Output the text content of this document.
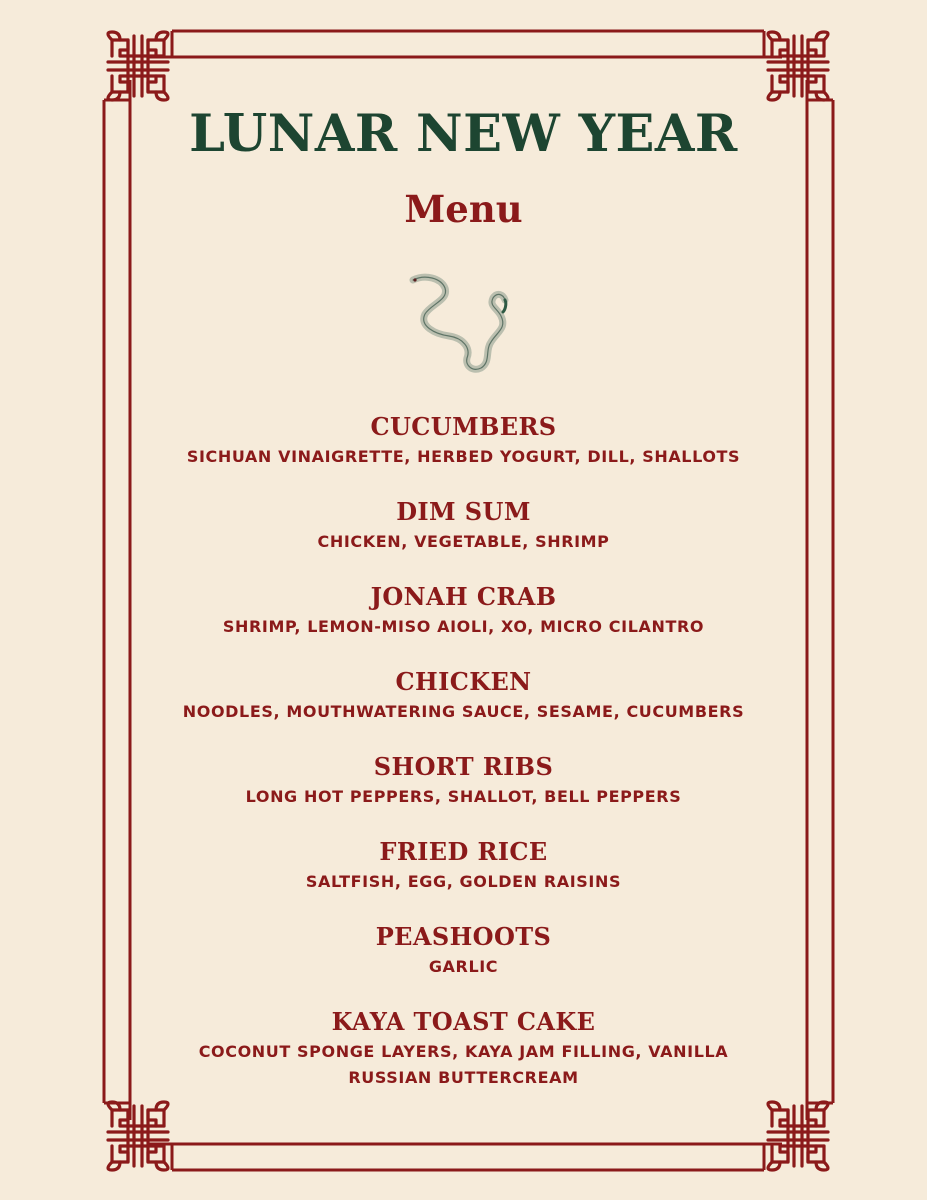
LUNAR NEW YEAR
Menu
CUCUMBERS
SICHUAN VINAIGRETTE, HERBED YOGURT, DILL, SHALLOTS
DIM SUM
CHICKEN, VEGETABLE, SHRIMP
JONAH CRAB
SHRIMP, LEMON-MISO AIOLI, XO, MICRO CILANTRO
CHICKEN
NOODLES, MOUTHWATERING SAUCE, SESAME, CUCUMBERS
SHORT RIBS
LONG HOT PEPPERS, SHALLOT, BELL PEPPERS
FRIED RICE
SALTFISH, EGG, GOLDEN RAISINS
PEASHOOTS
GARLIC
KAYA TOAST CAKE
COCONUT SPONGE LAYERS, KAYA JAM FILLING, VANILLA
RUSSIAN BUTTERCREAM
